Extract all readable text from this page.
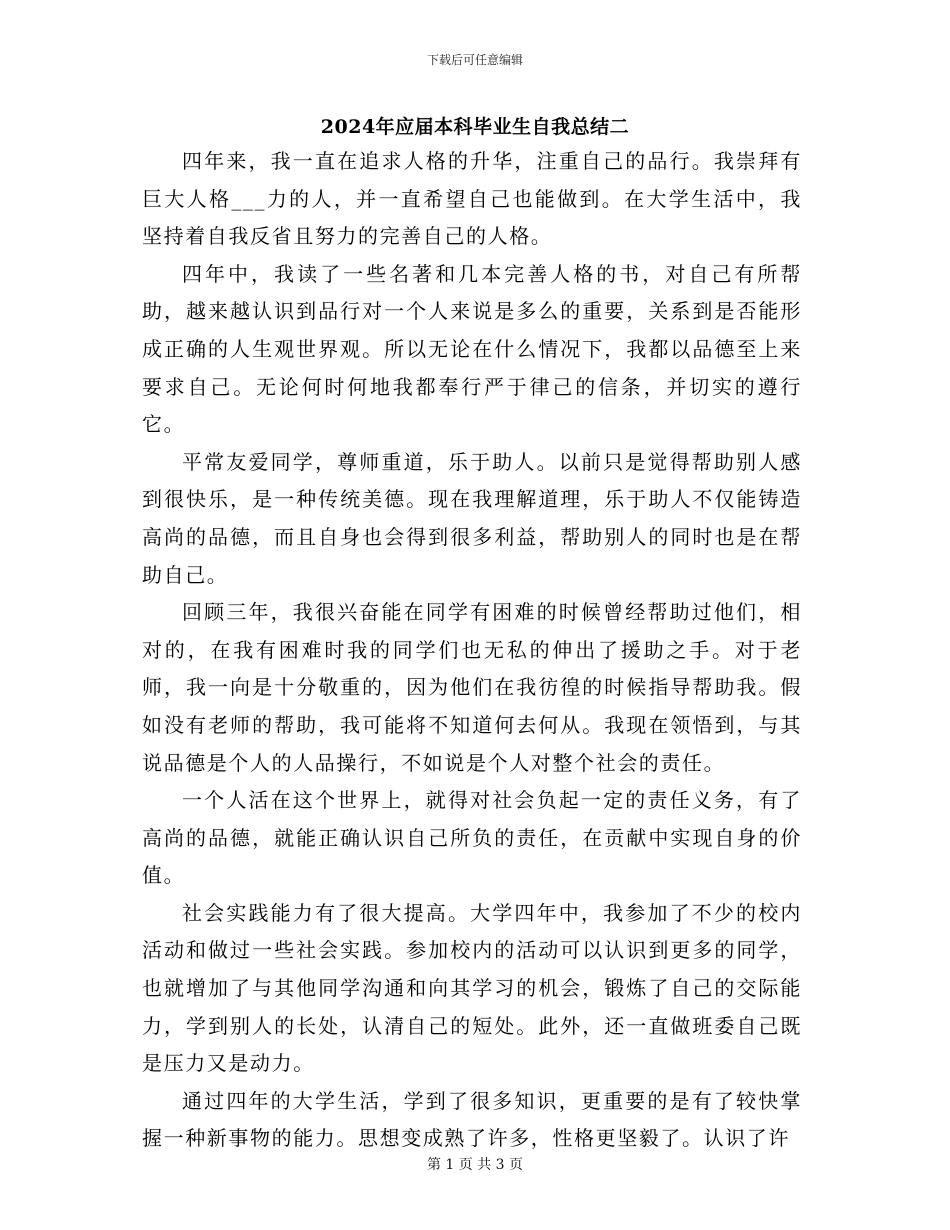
下载后可任意编辑
2024年应届本科毕业生自我总结二

四年来，我一直在追求人格的升华，注重自己的品行。我崇拜有巨大人格___力的人，并一直希望自己也能做到。在大学生活中，我坚持着自我反省且努力的完善自己的人格。

四年中，我读了一些名著和几本完善人格的书，对自己有所帮助，越来越认识到品行对一个人来说是多么的重要，关系到是否能形成正确的人生观世界观。所以无论在什么情况下，我都以品德至上来要求自己。无论何时何地我都奉行严于律己的信条，并切实的遵行它。

平常友爱同学，尊师重道，乐于助人。以前只是觉得帮助别人感到很快乐，是一种传统美德。现在我理解道理，乐于助人不仅能铸造高尚的品德，而且自身也会得到很多利益，帮助别人的同时也是在帮助自己。

回顾三年，我很兴奋能在同学有困难的时候曾经帮助过他们，相对的，在我有困难时我的同学们也无私的伸出了援助之手。对于老师，我一向是十分敬重的，因为他们在我彷徨的时候指导帮助我。假如没有老师的帮助，我可能将不知道何去何从。我现在领悟到，与其说品德是个人的人品操行，不如说是个人对整个社会的责任。

一个人活在这个世界上，就得对社会负起一定的责任义务，有了高尚的品德，就能正确认识自己所负的责任，在贡献中实现自身的价值。

社会实践能力有了很大提高。大学四年中，我参加了不少的校内活动和做过一些社会实践。参加校内的活动可以认识到更多的同学，也就增加了与其他同学沟通和向其学习的机会，锻炼了自己的交际能力，学到别人的长处，认清自己的短处。此外，还一直做班委自己既是压力又是动力。

通过四年的大学生活，学到了很多知识，更重要的是有了较快掌握一种新事物的能力。思想变成熟了许多，性格更坚毅了。认识了许

第 1 页 共 3 页
